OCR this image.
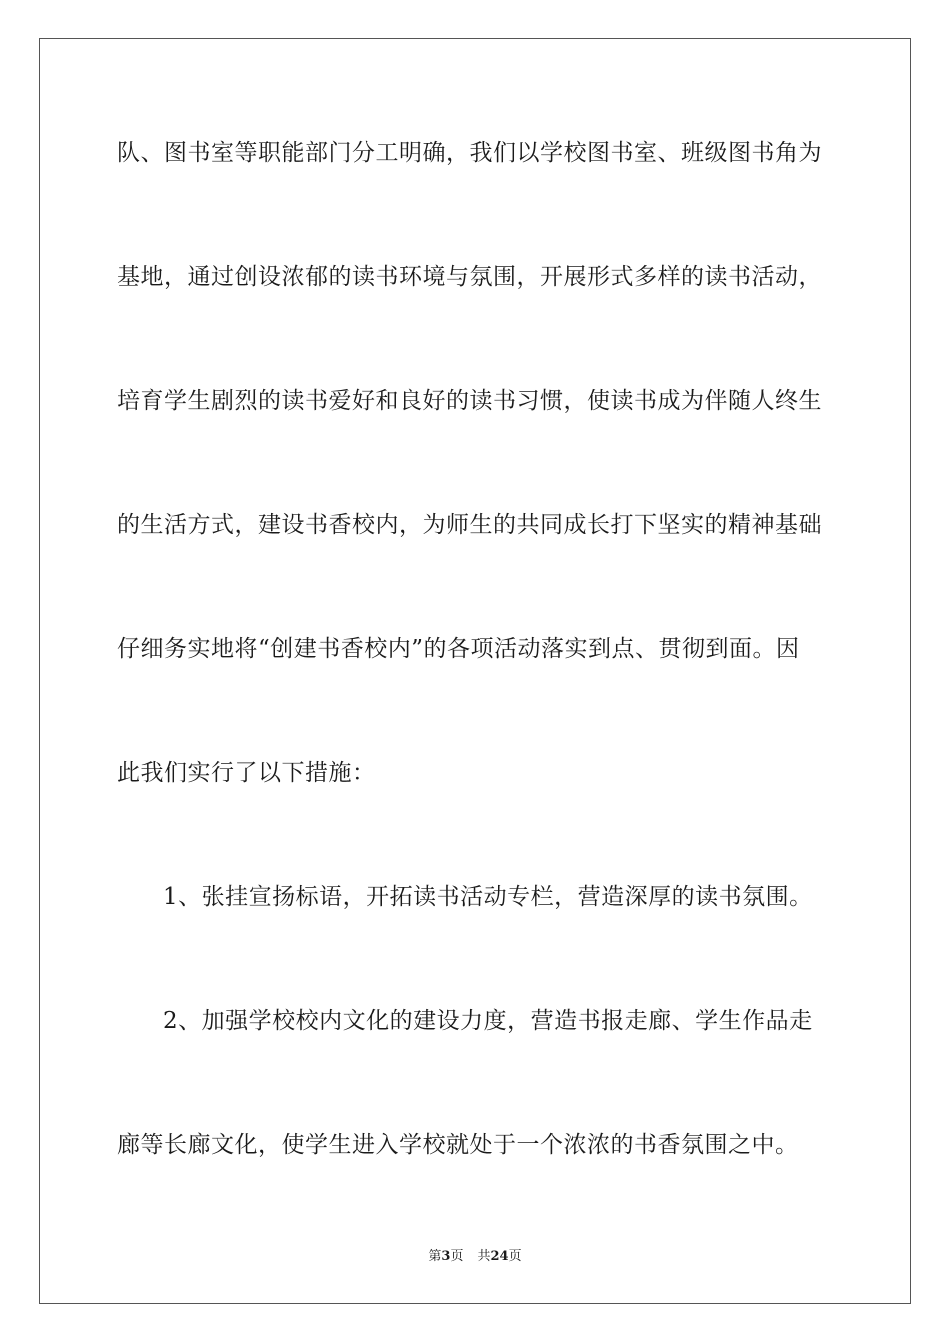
队、图书室等职能部门分工明确，我们以学校图书室、班级图书角为
基地，通过创设浓郁的读书环境与氛围，开展形式多样的读书活动，
培育学生剧烈的读书爱好和良好的读书习惯，使读书成为伴随人终生
的生活方式，建设书香校内，为师生的共同成长打下坚实的精神基础
仔细务实地将“创建书香校内”的各项活动落实到点、贯彻到面。因
此我们实行了以下措施：
1、张挂宣扬标语，开拓读书活动专栏，营造深厚的读书氛围。
2、加强学校校内文化的建设力度，营造书报走廊、学生作品走
廊等长廊文化，使学生进入学校就处于一个浓浓的书香氛围之中。
第3页 共24页
